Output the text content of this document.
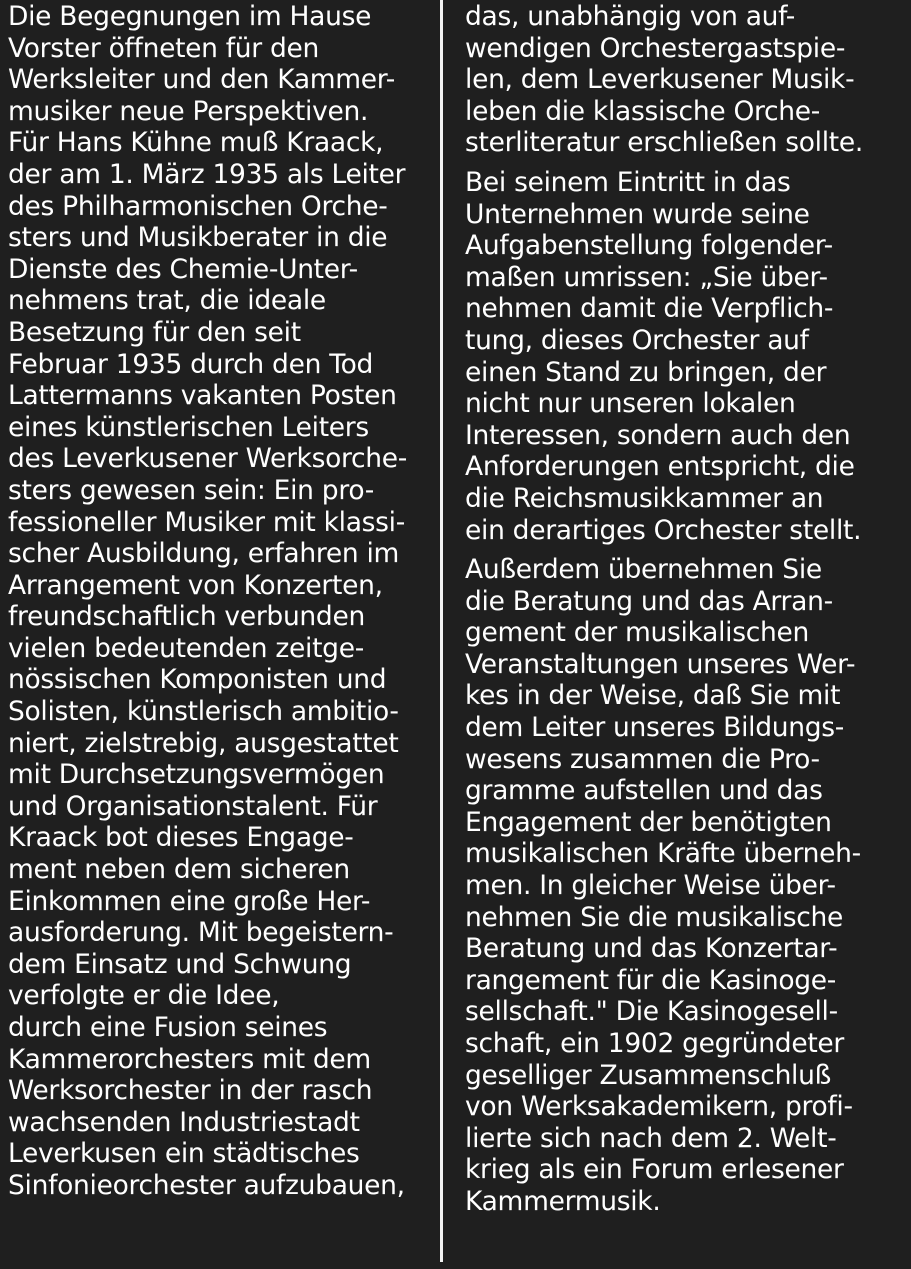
Die Begegnungen im Hause
Vorster öffneten für den
Werksleiter und den Kammer-
musiker neue Perspektiven.
Für Hans Kühne muß Kraack,
der am 1. März 1935 als Leiter
des Philharmonischen Orche-
sters und Musikberater in die
Dienste des Chemie-Unter-
nehmens trat, die ideale
Besetzung für den seit
Februar 1935 durch den Tod
Lattermanns vakanten Posten
eines künstlerischen Leiters
des Leverkusener Werksorche-
sters gewesen sein: Ein pro-
fessioneller Musiker mit klassi-
scher Ausbildung, erfahren im
Arrangement von Konzerten,
freundschaftlich verbunden
vielen bedeutenden zeitge-
nössischen Komponisten und
Solisten, künstlerisch ambitio-
niert, zielstrebig, ausgestattet
mit Durchsetzungsvermögen
und Organisationstalent. Für
Kraack bot dieses Engage-
ment neben dem sicheren
Einkommen eine große Her-
ausforderung. Mit begeistern-
dem Einsatz und Schwung
verfolgte er die Idee,
durch eine Fusion seines
Kammerorchesters mit dem
Werksorchester in der rasch
wachsenden Industriestadt
Leverkusen ein städtisches
Sinfonieorchester aufzubauen,
das, unabhängig von auf-
wendigen Orchestergastspie-
len, dem Leverkusener Musik-
leben die klassische Orche-
sterliteratur erschließen sollte.
Bei seinem Eintritt in das
Unternehmen wurde seine
Aufgabenstellung folgender-
maßen umrissen: „Sie über-
nehmen damit die Verpflich-
tung, dieses Orchester auf
einen Stand zu bringen, der
nicht nur unseren lokalen
Interessen, sondern auch den
Anforderungen entspricht, die
die Reichsmusikkammer an
ein derartiges Orchester stellt.
Außerdem übernehmen Sie
die Beratung und das Arran-
gement der musikalischen
Veranstaltungen unseres Wer-
kes in der Weise, daß Sie mit
dem Leiter unseres Bildungs-
wesens zusammen die Pro-
gramme aufstellen und das
Engagement der benötigten
musikalischen Kräfte überneh-
men. In gleicher Weise über-
nehmen Sie die musikalische
Beratung und das Konzertar-
rangement für die Kasinoge-
sellschaft." Die Kasinogesell-
schaft, ein 1902 gegründeter
geselliger Zusammenschluß
von Werksakademikern, profi-
lierte sich nach dem 2. Welt-
krieg als ein Forum erlesener
Kammermusik.
